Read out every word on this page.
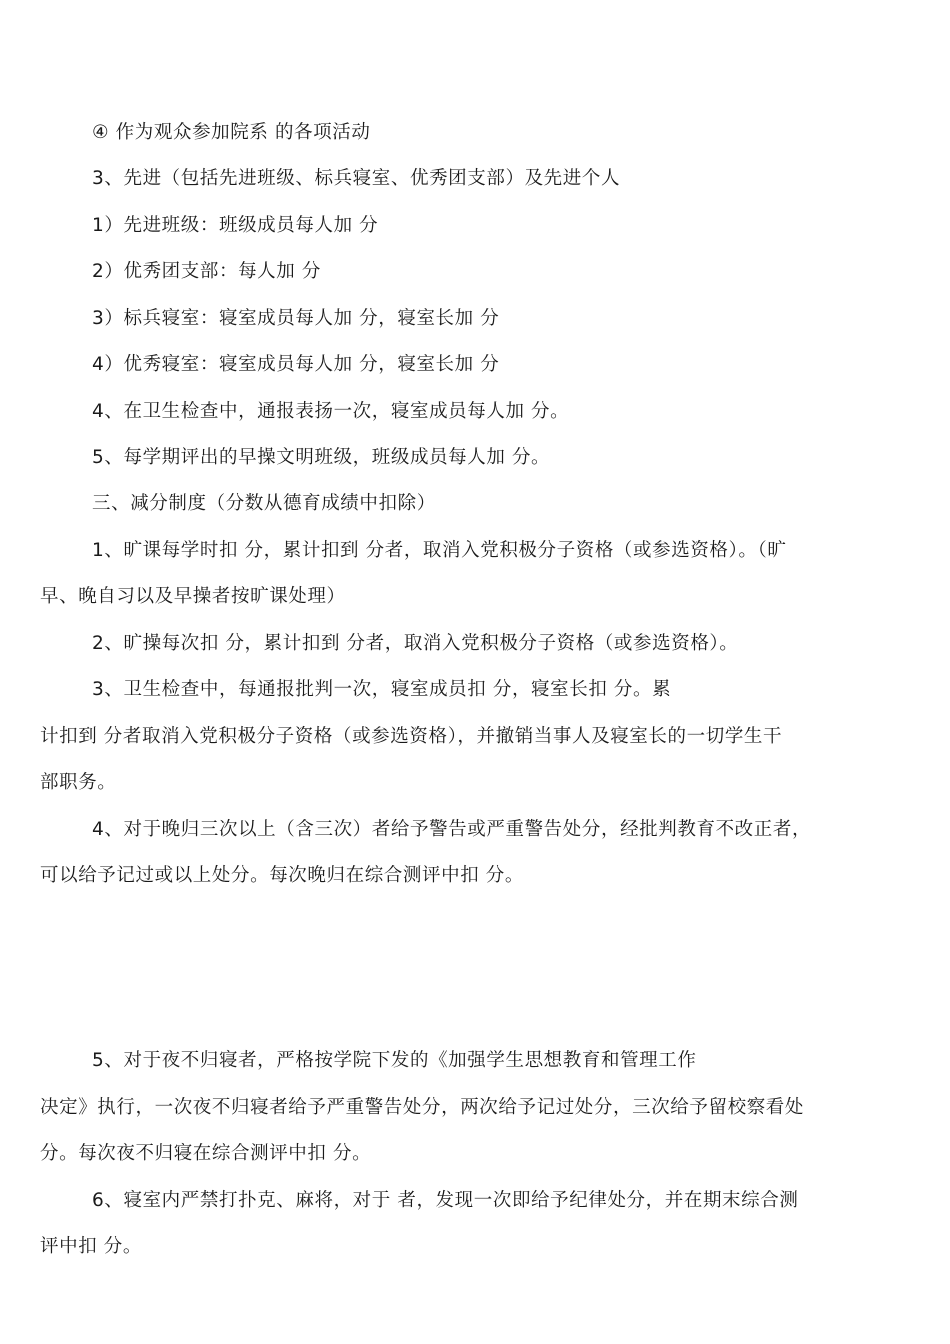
④ 作为观众参加院系 的各项活动
3、先进（包括先进班级、标兵寝室、优秀团支部）及先进个人
1）先进班级：班级成员每人加 分
2）优秀团支部：每人加 分
3）标兵寝室：寝室成员每人加 分，寝室长加 分
4）优秀寝室：寝室成员每人加 分，寝室长加 分
4、在卫生检查中，通报表扬一次，寝室成员每人加 分。
5、每学期评出的早操文明班级，班级成员每人加 分。
三、减分制度（分数从德育成绩中扣除）
1、旷课每学时扣 分，累计扣到 分者，取消入党积极分子资格（或参选资格）。（旷
早、晚自习以及早操者按旷课处理）
2、旷操每次扣 分，累计扣到 分者，取消入党积极分子资格（或参选资格）。
3、卫生检查中，每通报批判一次，寝室成员扣 分，寝室长扣 分。累
计扣到 分者取消入党积极分子资格（或参选资格），并撤销当事人及寝室长的一切学生干
部职务。
4、对于晚归三次以上（含三次）者给予警告或严重警告处分，经批判教育不改正者，
可以给予记过或以上处分。每次晚归在综合测评中扣 分。
5、对于夜不归寝者，严格按学院下发的《加强学生思想教育和管理工作
决定》执行，一次夜不归寝者给予严重警告处分，两次给予记过处分，三次给予留校察看处
分。每次夜不归寝在综合测评中扣 分。
6、寝室内严禁打扑克、麻将，对于 者，发现一次即给予纪律处分，并在期末综合测
评中扣 分。
